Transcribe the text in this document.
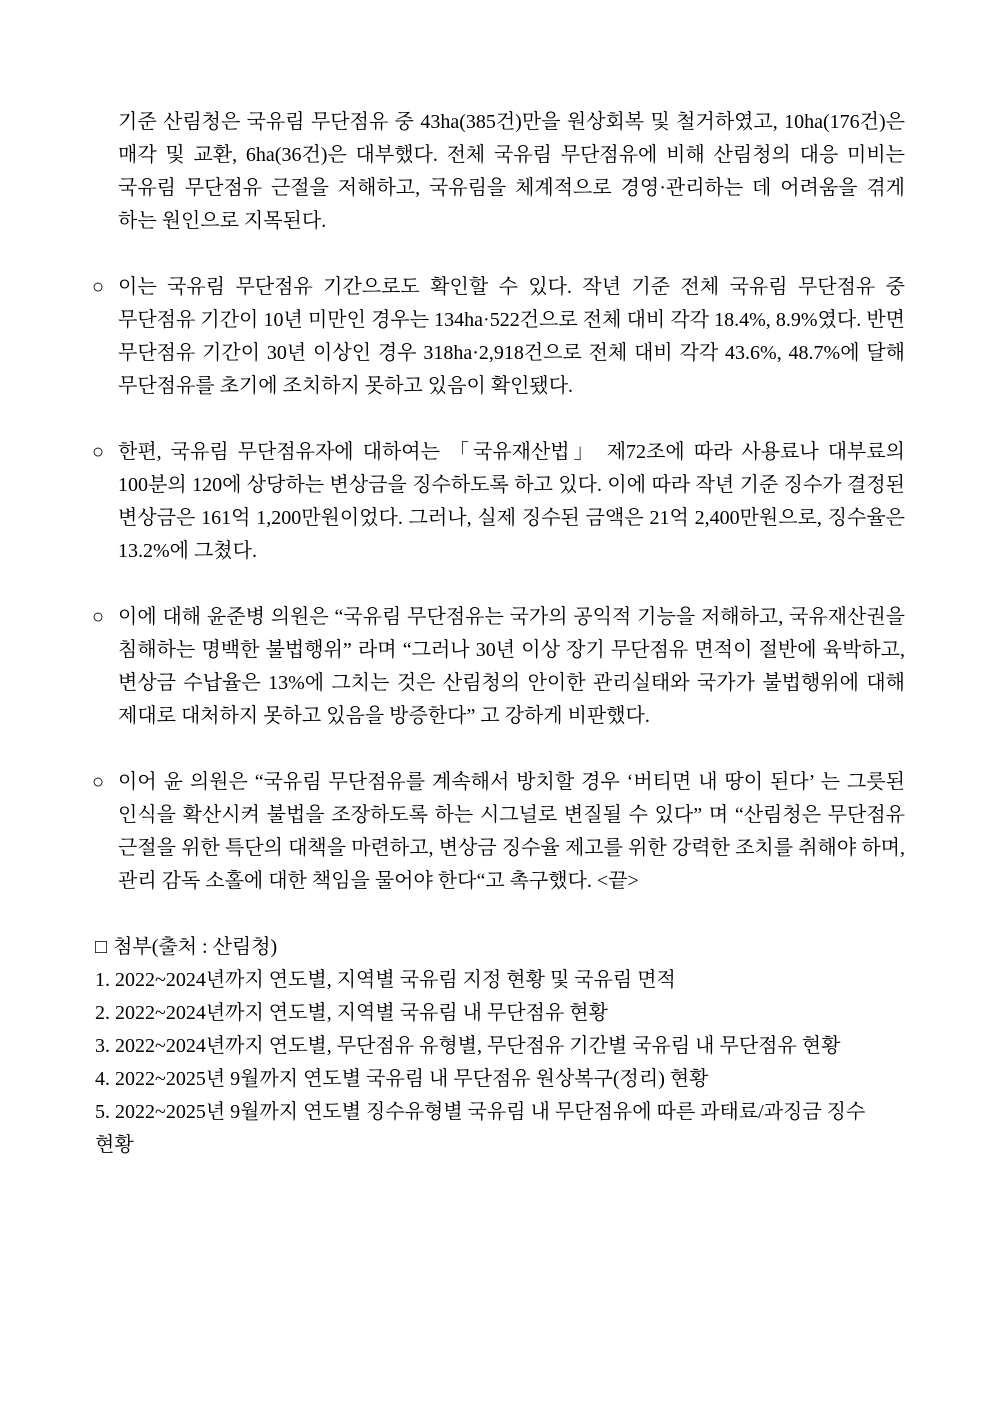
기준 산림청은 국유림 무단점유 중 43ha(385건)만을 원상회복 및 철거하였고, 10ha(176건)은 매각 및 교환, 6ha(36건)은 대부했다. 전체 국유림 무단점유에 비해 산림청의 대응 미비는 국유림 무단점유 근절을 저해하고, 국유림을 체계적으로 경영·관리하는 데 어려움을 겪게 하는 원인으로 지목된다.

○ 이는 국유림 무단점유 기간으로도 확인할 수 있다. 작년 기준 전체 국유림 무단점유 중 무단점유 기간이 10년 미만인 경우는 134ha·522건으로 전체 대비 각각 18.4%, 8.9%였다. 반면 무단점유 기간이 30년 이상인 경우 318ha·2,918건으로 전체 대비 각각 43.6%, 48.7%에 달해 무단점유를 초기에 조치하지 못하고 있음이 확인됐다.

○ 한편, 국유림 무단점유자에 대하여는 「국유재산법」 제72조에 따라 사용료나 대부료의 100분의 120에 상당하는 변상금을 징수하도록 하고 있다. 이에 따라 작년 기준 징수가 결정된 변상금은 161억 1,200만원이었다. 그러나, 실제 징수된 금액은 21억 2,400만원으로, 징수율은 13.2%에 그쳤다.

○ 이에 대해 윤준병 의원은 “국유림 무단점유는 국가의 공익적 기능을 저해하고, 국유재산권을 침해하는 명백한 불법행위” 라며 “그러나 30년 이상 장기 무단점유 면적이 절반에 육박하고, 변상금 수납율은 13%에 그치는 것은 산림청의 안이한 관리실태와 국가가 불법행위에 대해 제대로 대처하지 못하고 있음을 방증한다” 고 강하게 비판했다.

○ 이어 윤 의원은 “국유림 무단점유를 계속해서 방치할 경우 ‘버티면 내 땅이 된다’ 는 그릇된 인식을 확산시켜 불법을 조장하도록 하는 시그널로 변질될 수 있다” 며 “산림청은 무단점유 근절을 위한 특단의 대책을 마련하고, 변상금 징수율 제고를 위한 강력한 조치를 취해야 하며, 관리 감독 소홀에 대한 책임을 물어야 한다“고 촉구했다. <끝>

□ 첨부(출처 : 산림청)

1. 2022~2024년까지 연도별, 지역별 국유림 지정 현황 및 국유림 면적

2. 2022~2024년까지 연도별, 지역별 국유림 내 무단점유 현황

3. 2022~2024년까지 연도별, 무단점유 유형별, 무단점유 기간별 국유림 내 무단점유 현황

4. 2022~2025년 9월까지 연도별 국유림 내 무단점유 원상복구(정리) 현황

5. 2022~2025년 9월까지 연도별 징수유형별 국유림 내 무단점유에 따른 과태료/과징금 징수 현황
